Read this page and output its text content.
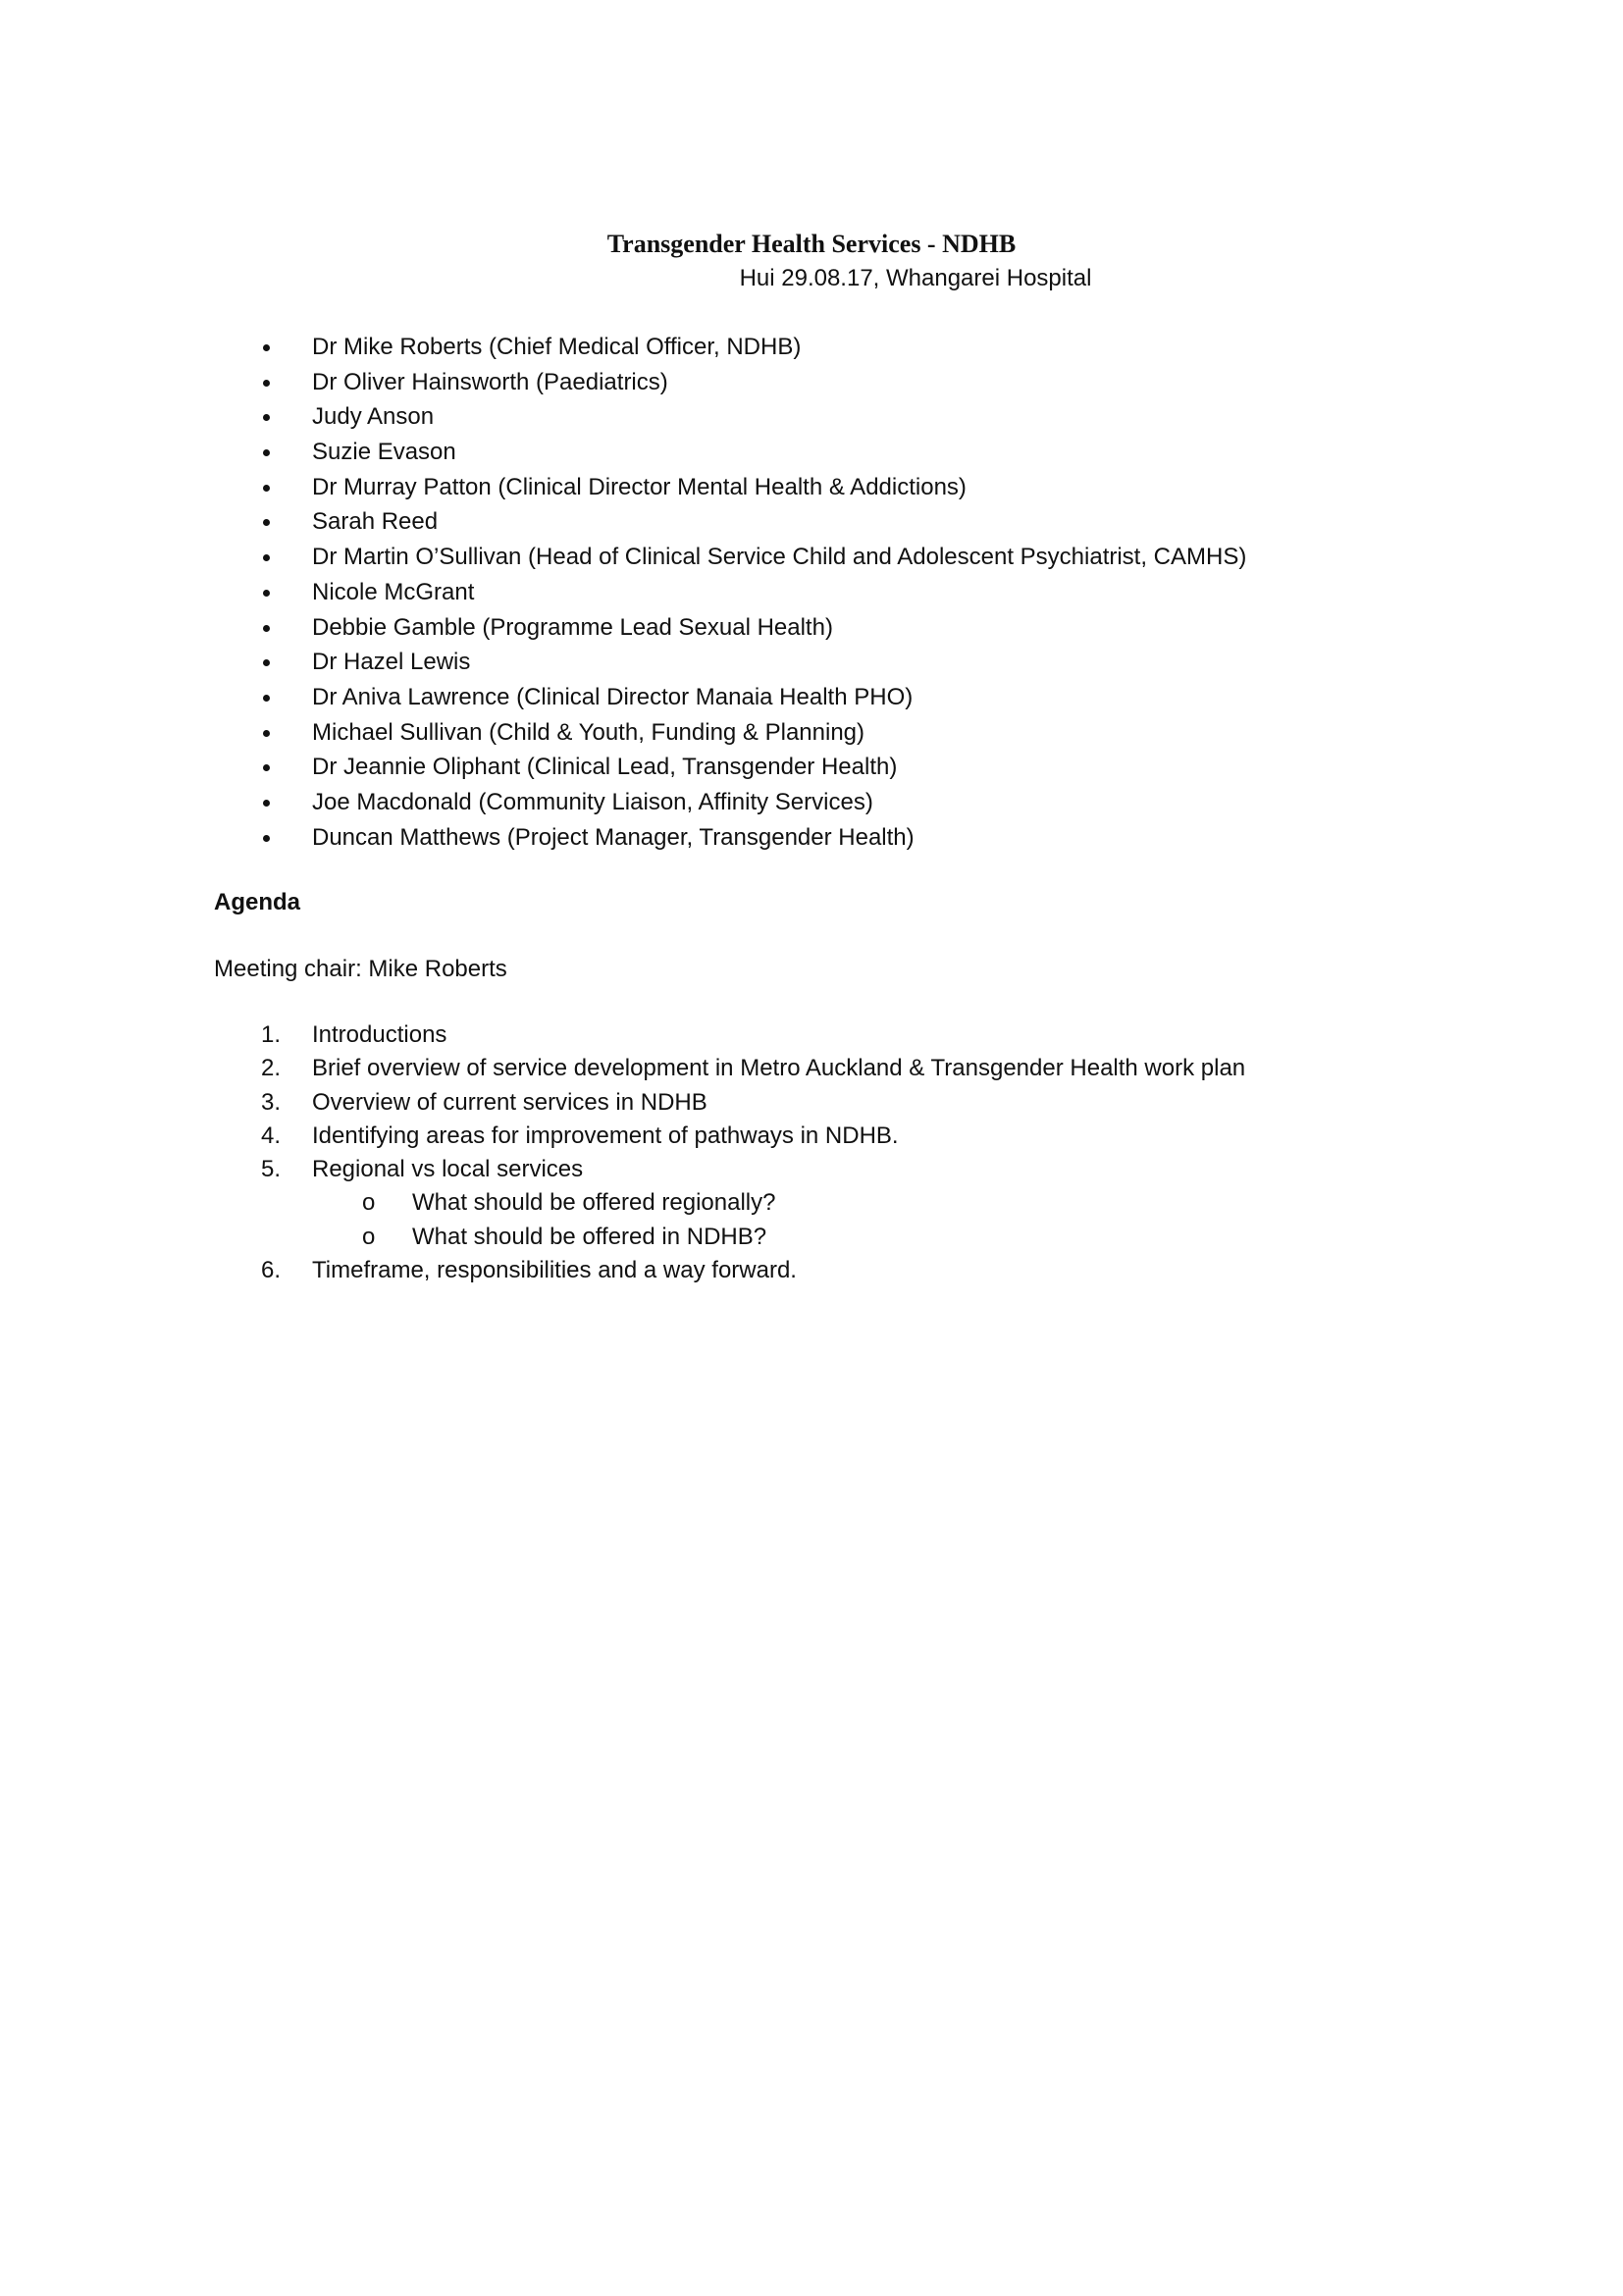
Transgender Health Services - NDHB
Hui 29.08.17, Whangarei Hospital
Dr Mike Roberts (Chief Medical Officer, NDHB)
Dr Oliver Hainsworth (Paediatrics)
Judy Anson
Suzie Evason
Dr Murray Patton (Clinical Director Mental Health & Addictions)
Sarah Reed
Dr Martin O’Sullivan (Head of Clinical Service Child and Adolescent Psychiatrist, CAMHS)
Nicole McGrant
Debbie Gamble (Programme Lead Sexual Health)
Dr Hazel Lewis
Dr Aniva Lawrence (Clinical Director Manaia Health PHO)
Michael Sullivan (Child & Youth, Funding & Planning)
Dr Jeannie Oliphant (Clinical Lead, Transgender Health)
Joe Macdonald (Community Liaison, Affinity Services)
Duncan Matthews (Project Manager, Transgender Health)
Agenda
Meeting chair: Mike Roberts
1. Introductions
2. Brief overview of service development in Metro Auckland & Transgender Health work plan
3. Overview of current services in NDHB
4. Identifying areas for improvement of pathways in NDHB.
5. Regional vs local services
o What should be offered regionally?
o What should be offered in NDHB?
6. Timeframe, responsibilities and a way forward.
